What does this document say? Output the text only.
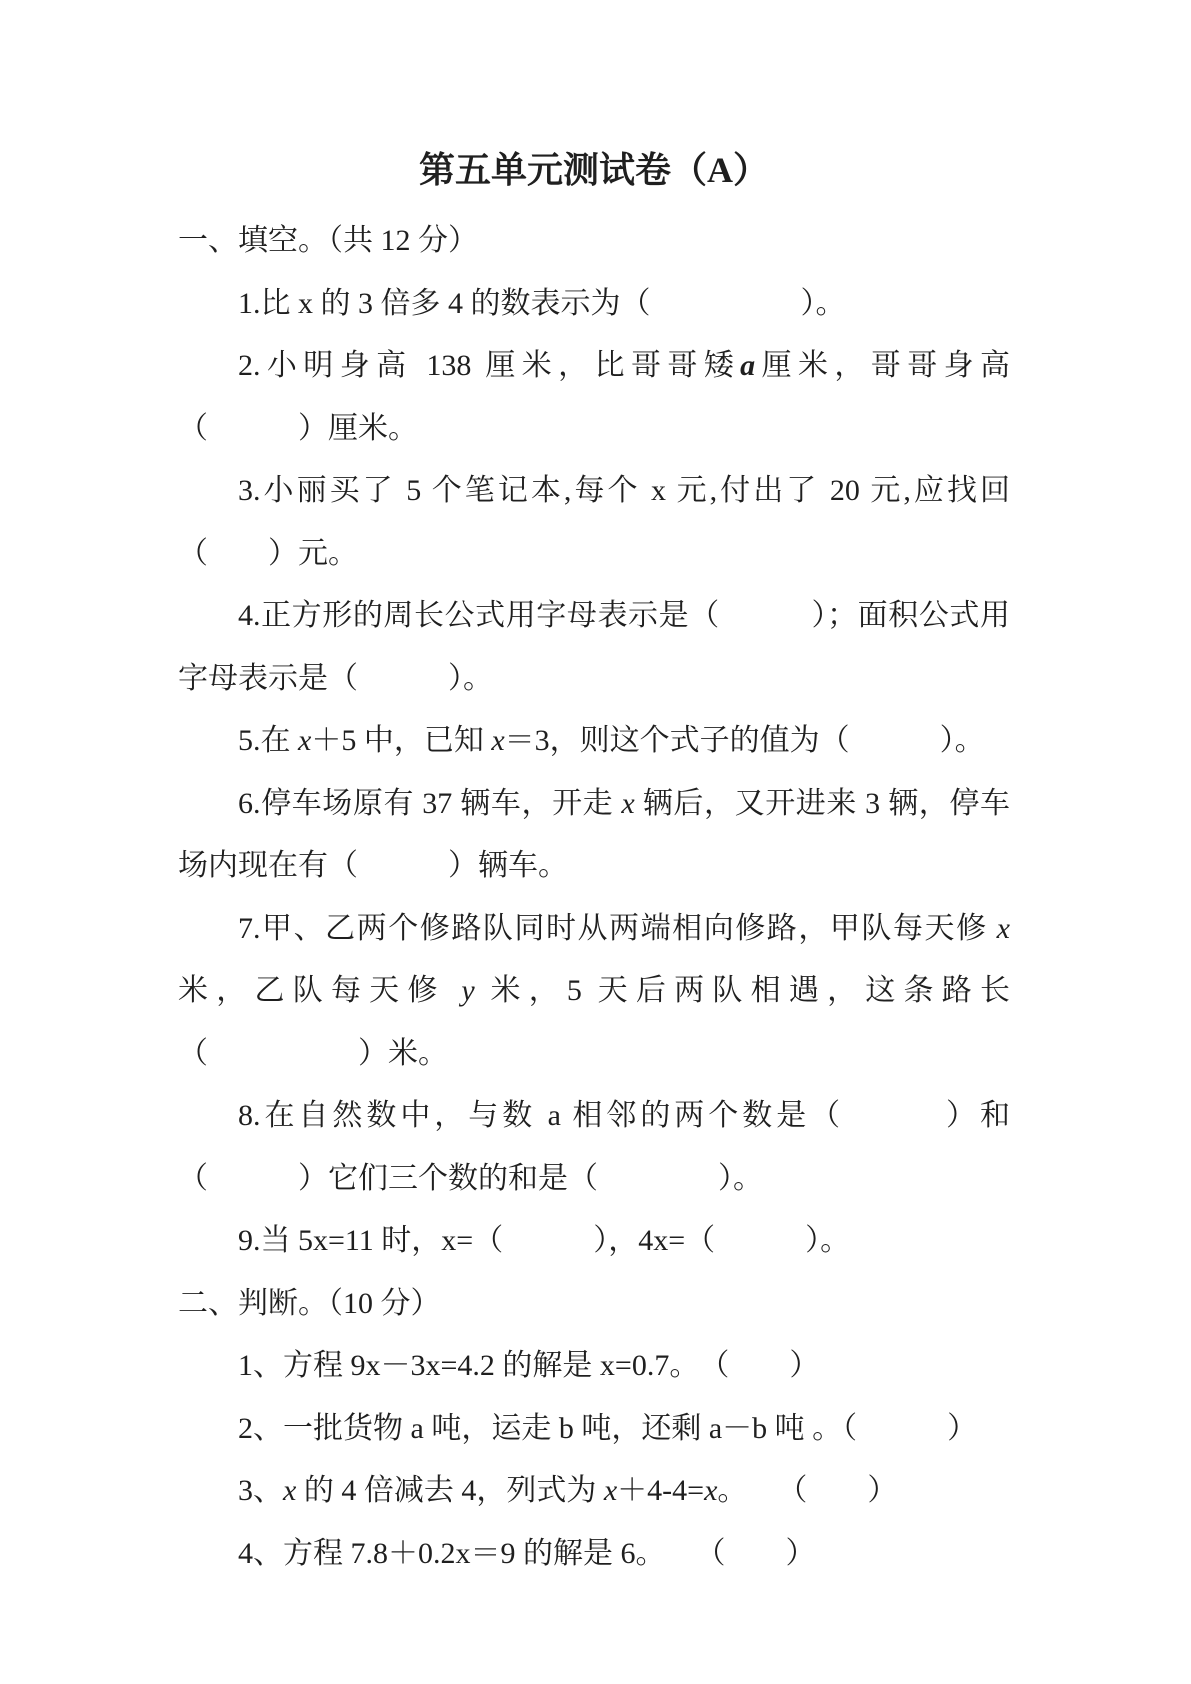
第五单元测试卷（A）

一、填空。（共 12 分）

1.比 x 的 3 倍多 4 的数表示为（　　　　　）。

2.小明身高 138 厘米，比哥哥矮a厘米，哥哥身高（　　　）厘米。

3.小丽买了 5 个笔记本,每个 x 元,付出了 20 元,应找回（　　）元。

4.正方形的周长公式用字母表示是（　　　）；面积公式用字母表示是（　　　）。

5.在 x＋5 中，已知 x＝3，则这个式子的值为（　　　）。

6.停车场原有 37 辆车，开走 x 辆后，又开进来 3 辆，停车场内现在有（　　　）辆车。

7.甲、乙两个修路队同时从两端相向修路，甲队每天修 x 米，乙队每天修 y 米，5 天后两队相遇，这条路长（　　　　　）米。

8.在自然数中，与数 a 相邻的两个数是（　　　）和（　　　）它们三个数的和是（　　　　）。

9.当 5x=11 时，x=（　　　），4x=（　　　）。

二、判断。（10 分）

1、方程 9x－3x=4.2 的解是 x=0.7。　（　　）

2、一批货物 a 吨，运走 b 吨，还剩 a－b 吨 。（　　　）

3、x 的 4 倍减去 4，列式为 x＋4-4=x。　　（　　）

4、方程 7.8＋0.2x＝9 的解是 6。　　（　　）
